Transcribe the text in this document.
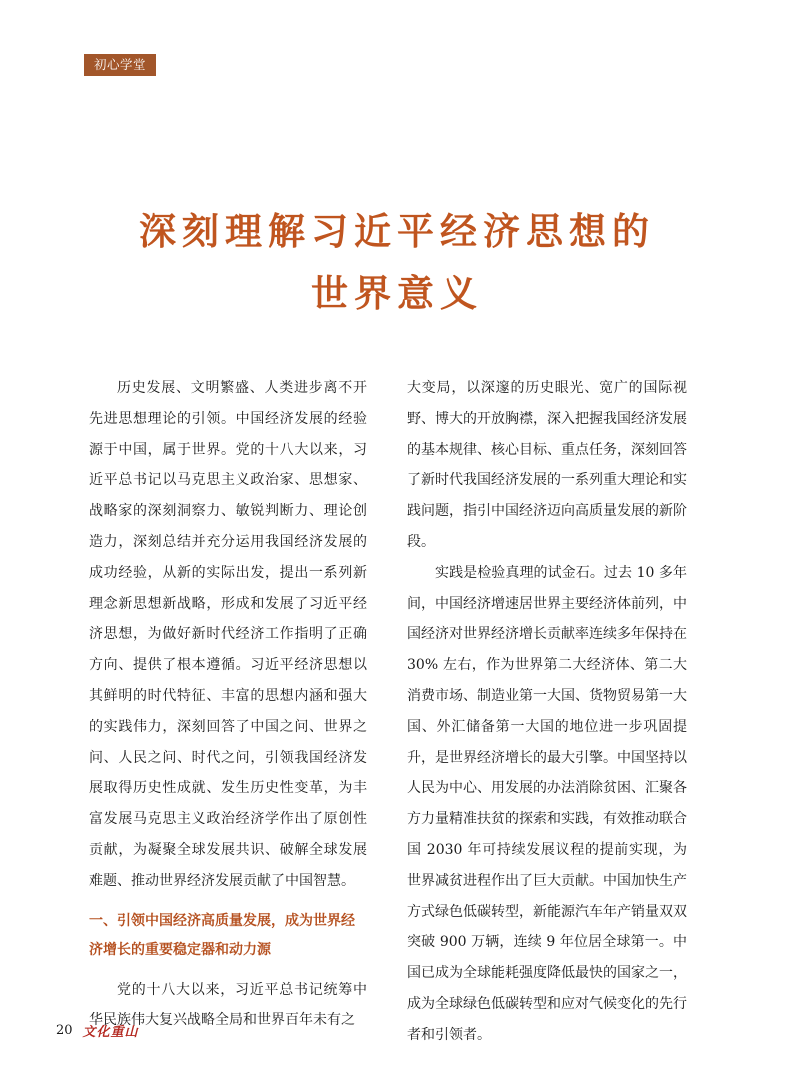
初心学堂
深刻理解习近平经济思想的
世界意义

历史发展、文明繁盛、人类进步离不开先进思想理论的引领。中国经济发展的经验源于中国，属于世界。党的十八大以来，习近平总书记以马克思主义政治家、思想家、战略家的深刻洞察力、敏锐判断力、理论创造力，深刻总结并充分运用我国经济发展的成功经验，从新的实际出发，提出一系列新理念新思想新战略，形成和发展了习近平经济思想，为做好新时代经济工作指明了正确方向、提供了根本遵循。习近平经济思想以其鲜明的时代特征、丰富的思想内涵和强大的实践伟力，深刻回答了中国之问、世界之问、人民之问、时代之问，引领我国经济发展取得历史性成就、发生历史性变革，为丰富发展马克思主义政治经济学作出了原创性贡献，为凝聚全球发展共识、破解全球发展难题、推动世界经济发展贡献了中国智慧。

一、引领中国经济高质量发展，成为世界经济增长的重要稳定器和动力源

党的十八大以来，习近平总书记统筹中华民族伟大复兴战略全局和世界百年未有之

大变局，以深邃的历史眼光、宽广的国际视野、博大的开放胸襟，深入把握我国经济发展的基本规律、核心目标、重点任务，深刻回答了新时代我国经济发展的一系列重大理论和实践问题，指引中国经济迈向高质量发展的新阶段。

实践是检验真理的试金石。过去 10 多年间，中国经济增速居世界主要经济体前列，中国经济对世界经济增长贡献率连续多年保持在 30% 左右，作为世界第二大经济体、第二大消费市场、制造业第一大国、货物贸易第一大国、外汇储备第一大国的地位进一步巩固提升，是世界经济增长的最大引擎。中国坚持以人民为中心、用发展的办法消除贫困、汇聚各方力量精准扶贫的探索和实践，有效推动联合国 2030 年可持续发展议程的提前实现，为世界减贫进程作出了巨大贡献。中国加快生产方式绿色低碳转型，新能源汽车年产销量双双突破 900 万辆，连续 9 年位居全球第一。中国已成为全球能耗强度降低最快的国家之一，成为全球绿色低碳转型和应对气候变化的先行者和引领者。

20 文化重山
